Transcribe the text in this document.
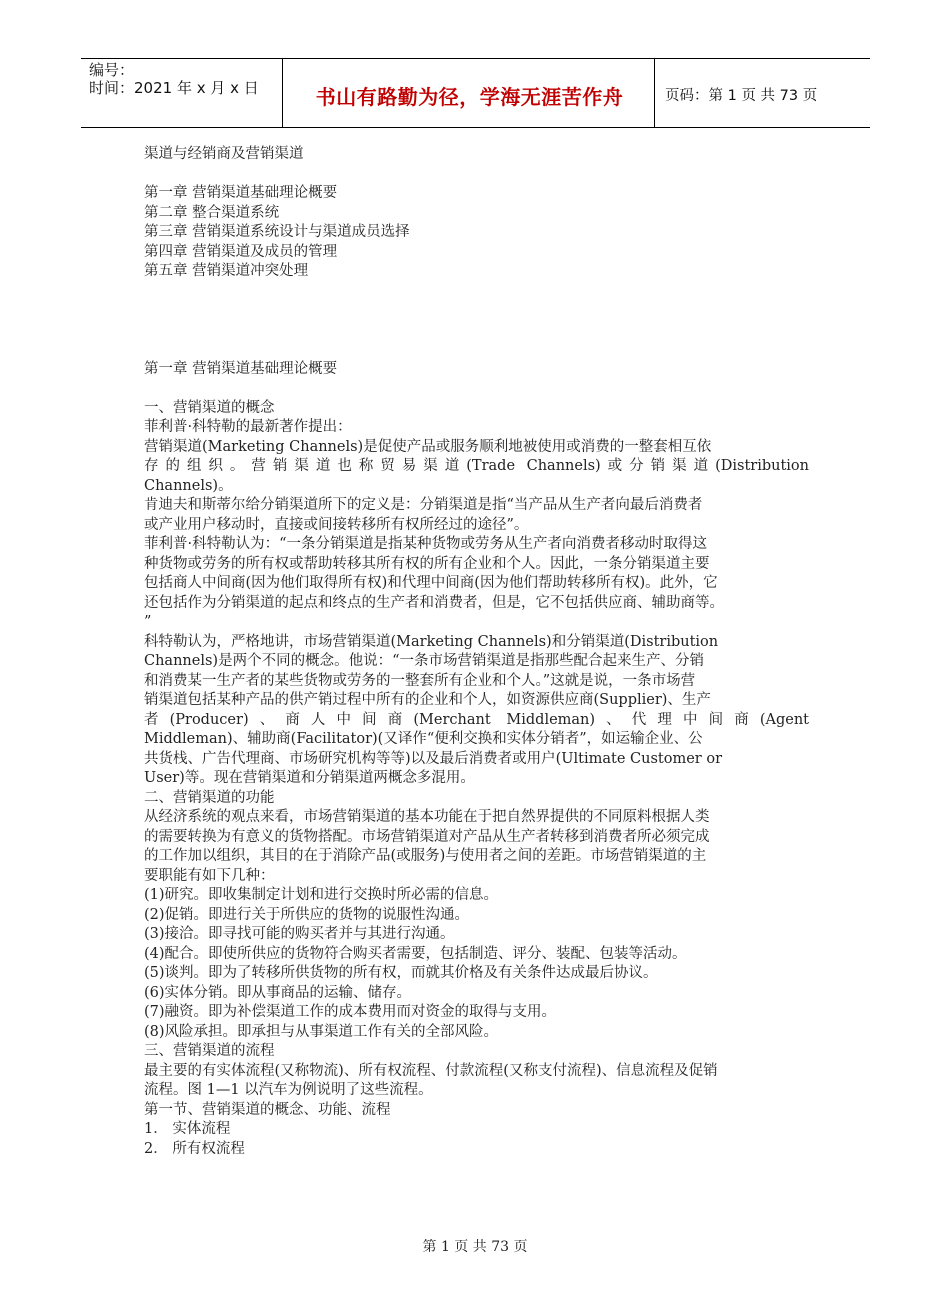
编号：
时间：2021 年 x 月 x 日	书山有路勤为径，学海无涯苦作舟	页码：第 1 页 共 73 页
渠道与经销商及营销渠道
第一章 营销渠道基础理论概要
第二章 整合渠道系统
第三章 营销渠道系统设计与渠道成员选择
第四章 营销渠道及成员的管理
第五章 营销渠道冲突处理
第一章 营销渠道基础理论概要
一、营销渠道的概念
菲利普·科特勒的最新著作提出：
营销渠道(Marketing Channels)是促使产品或服务顺利地被使用或消费的一整套相互依
存的组织。营销渠道也称贸易渠道(Trade Channels)或分销渠道(Distribution
Channels)。
肯迪夫和斯蒂尔给分销渠道所下的定义是：分销渠道是指“当产品从生产者向最后消费者
或产业用户移动时，直接或间接转移所有权所经过的途径”。
菲利普·科特勒认为：“一条分销渠道是指某种货物或劳务从生产者向消费者移动时取得这
种货物或劳务的所有权或帮助转移其所有权的所有企业和个人。因此，一条分销渠道主要
包括商人中间商(因为他们取得所有权)和代理中间商(因为他们帮助转移所有权)。此外，它
还包括作为分销渠道的起点和终点的生产者和消费者，但是，它不包括供应商、辅助商等。
”
科特勒认为，严格地讲，市场营销渠道(Marketing Channels)和分销渠道(Distribution
Channels)是两个不同的概念。他说：“一条市场营销渠道是指那些配合起来生产、分销
和消费某一生产者的某些货物或劳务的一整套所有企业和个人。”这就是说，一条市场营
销渠道包括某种产品的供产销过程中所有的企业和个人，如资源供应商(Supplier)、生产
者(Producer)、商人中间商(Merchant Middleman)、代理中间商(Agent
Middleman)、辅助商(Facilitator)(又译作“便利交换和实体分销者”，如运输企业、公
共货栈、广告代理商、市场研究机构等等)以及最后消费者或用户(Ultimate Customer or
User)等。现在营销渠道和分销渠道两概念多混用。
二、营销渠道的功能
从经济系统的观点来看，市场营销渠道的基本功能在于把自然界提供的不同原料根据人类
的需要转换为有意义的货物搭配。市场营销渠道对产品从生产者转移到消费者所必须完成
的工作加以组织，其目的在于消除产品(或服务)与使用者之间的差距。市场营销渠道的主
要职能有如下几种：
(1)研究。即收集制定计划和进行交换时所必需的信息。
(2)促销。即进行关于所供应的货物的说服性沟通。
(3)接洽。即寻找可能的购买者并与其进行沟通。
(4)配合。即使所供应的货物符合购买者需要，包括制造、评分、装配、包装等活动。
(5)谈判。即为了转移所供货物的所有权，而就其价格及有关条件达成最后协议。
(6)实体分销。即从事商品的运输、储存。
(7)融资。即为补偿渠道工作的成本费用而对资金的取得与支用。
(8)风险承担。即承担与从事渠道工作有关的全部风险。
三、营销渠道的流程
最主要的有实体流程(又称物流)、所有权流程、付款流程(又称支付流程)、信息流程及促销
流程。图 1—1 以汽车为例说明了这些流程。
第一节、营销渠道的概念、功能、流程
1． 实体流程
2． 所有权流程
第 1 页 共 73 页
